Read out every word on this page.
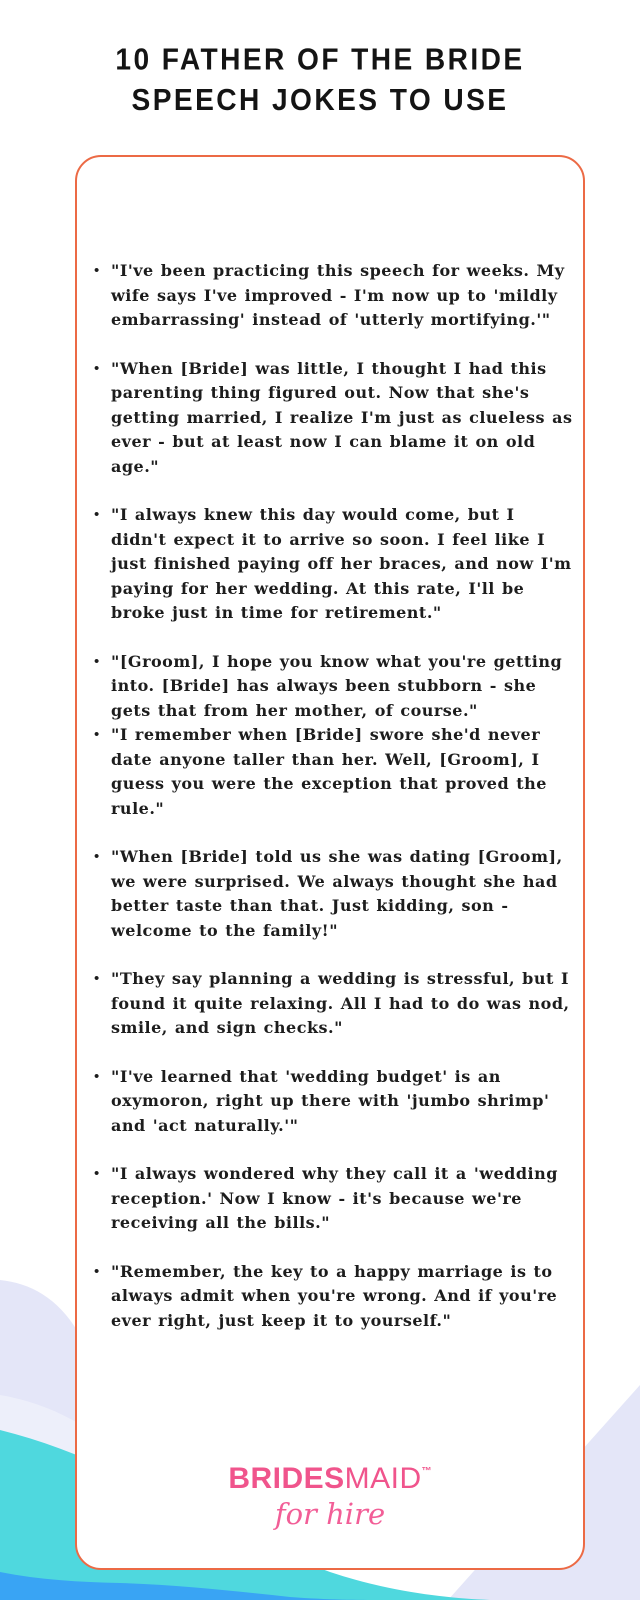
10 FATHER OF THE BRIDE
SPEECH JOKES TO USE
• "I've been practicing this speech for weeks. My wife says I've improved - I'm now up to 'mildly embarrassing' instead of 'utterly mortifying.'"
• "When [Bride] was little, I thought I had this parenting thing figured out. Now that she's getting married, I realize I'm just as clueless as ever - but at least now I can blame it on old age."
• "I always knew this day would come, but I didn't expect it to arrive so soon. I feel like I just finished paying off her braces, and now I'm paying for her wedding. At this rate, I'll be broke just in time for retirement."
• "[Groom], I hope you know what you're getting into. [Bride] has always been stubborn - she gets that from her mother, of course."
• "I remember when [Bride] swore she'd never date anyone taller than her. Well, [Groom], I guess you were the exception that proved the rule."
• "When [Bride] told us she was dating [Groom], we were surprised. We always thought she had better taste than that. Just kidding, son - welcome to the family!"
• "They say planning a wedding is stressful, but I found it quite relaxing. All I had to do was nod, smile, and sign checks."
• "I've learned that 'wedding budget' is an oxymoron, right up there with 'jumbo shrimp' and 'act naturally.'"
• "I always wondered why they call it a 'wedding reception.' Now I know - it's because we're receiving all the bills."
• "Remember, the key to a happy marriage is to always admit when you're wrong. And if you're ever right, just keep it to yourself."
BRIDESMAID™
for hire
